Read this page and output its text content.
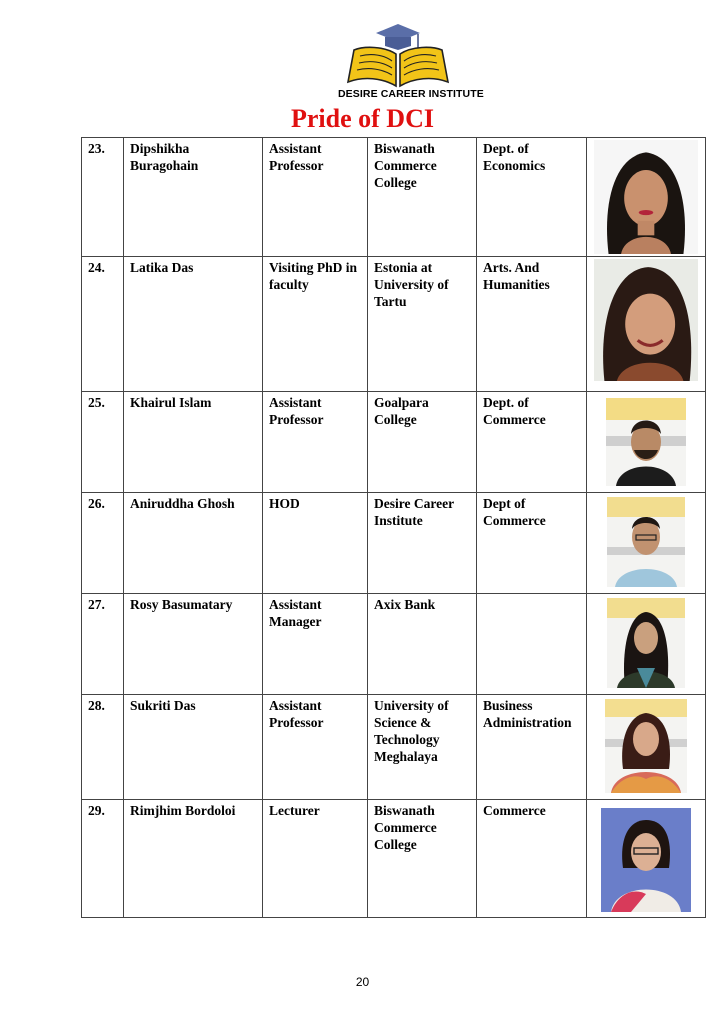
DESIRE CAREER INSTITUTE
Pride of DCI
23.	Dipshikha Buragohain	Assistant Professor	Biswanath Commerce College	Dept. of Economics	

24.	Latika Das	Visiting PhD in faculty	Estonia at University of Tartu	Arts. And Humanities	

25.	Khairul Islam	Assistant Professor	Goalpara College	Dept. of Commerce	

26.	Aniruddha Ghosh	HOD	Desire Career Institute	Dept of Commerce	

27.	Rosy Basumatary	Assistant Manager	Axix Bank		

28.	Sukriti Das	Assistant Professor	University of Science & Technology Meghalaya	Business Administration	

29.	Rimjhim Bordoloi	Lecturer	Biswanath Commerce College	Commerce	
20
